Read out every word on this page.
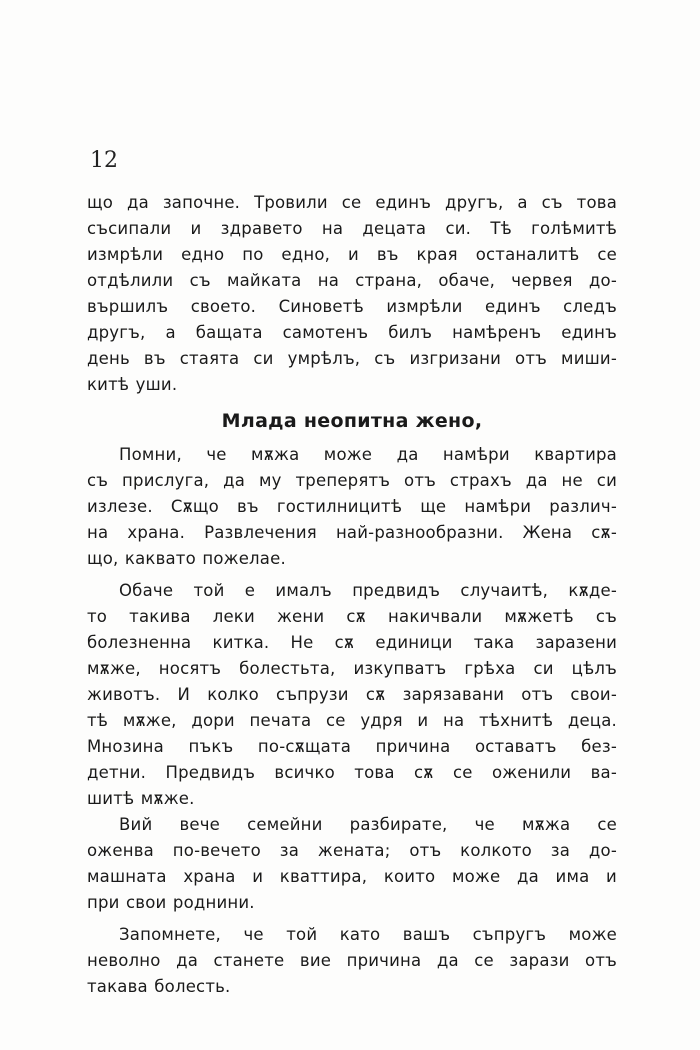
12
що да започне. Тровили се единъ другъ, а съ това
съсипали и здравето на децата си. Тѣ голѣмитѣ
измрѣли едно по едно, и въ края останалитѣ се
отдѣлили съ майката на страна, обаче, червея до-
вършилъ своето. Синоветѣ измрѣли единъ следъ
другъ, а бащата самотенъ билъ намѣренъ единъ
день въ стаята си умрѣлъ, съ изгризани отъ миши-
китѣ уши.
Млада неопитна жено,
Помни, че мѫжа може да намѣри квартира
съ прислуга, да му треперятъ отъ страхъ да не си
излезе. Сѫщо въ гостилницитѣ ще намѣри различ-
на храна. Развлечения най-разнообразни. Жена сѫ-
що, каквато пожелае.
Обаче той е ималъ предвидъ случаитѣ, кѫде-
то такива леки жени сѫ накичвали мѫжетѣ съ
болезненна китка. Не сѫ единици така заразени
мѫже, носятъ болестьта, изкупватъ грѣха си цѣлъ
животъ. И колко съпрузи сѫ зарязавани отъ свои-
тѣ мѫже, дори печата се удря и на тѣхнитѣ деца.
Мнозина пъкъ по-сѫщата причина оставатъ без-
детни. Предвидъ всичко това сѫ се оженили ва-
шитѣ мѫже.
Вий вече семейни разбирате, че мѫжа се
оженва по-вечето за жената; отъ колкото за до-
машната храна и кваттира, които може да има и
при свои роднини.
Запомнете, че той като вашъ съпругъ може
неволно да станете вие причина да се зарази отъ
такава болесть.
